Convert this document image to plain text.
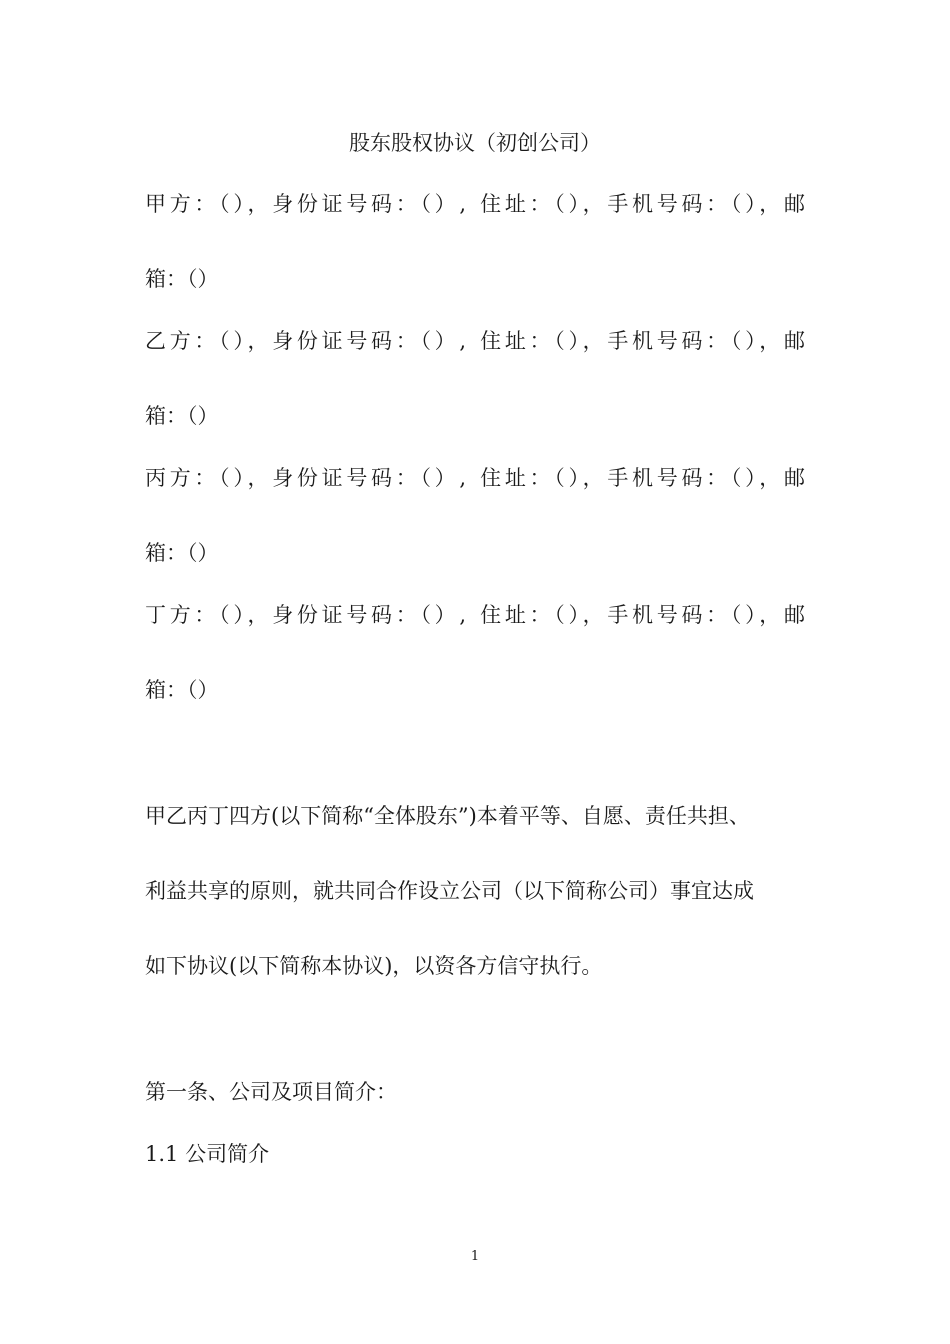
股东股权协议（初创公司）
甲方：（），身份证号码：（）, 住址：（），手机号码：（），邮
箱：（）
乙方：（），身份证号码：（）, 住址：（），手机号码：（），邮
箱：（）
丙方：（），身份证号码：（）, 住址：（），手机号码：（），邮
箱：（）
丁方：（），身份证号码：（）, 住址：（），手机号码：（），邮
箱：（）
甲乙丙丁四方(以下简称“全体股东”)本着平等、自愿、责任共担、
利益共享的原则，就共同合作设立公司（以下简称公司）事宜达成
如下协议(以下简称本协议)，以资各方信守执行。
第一条、公司及项目简介：
1.1 公司简介
1
